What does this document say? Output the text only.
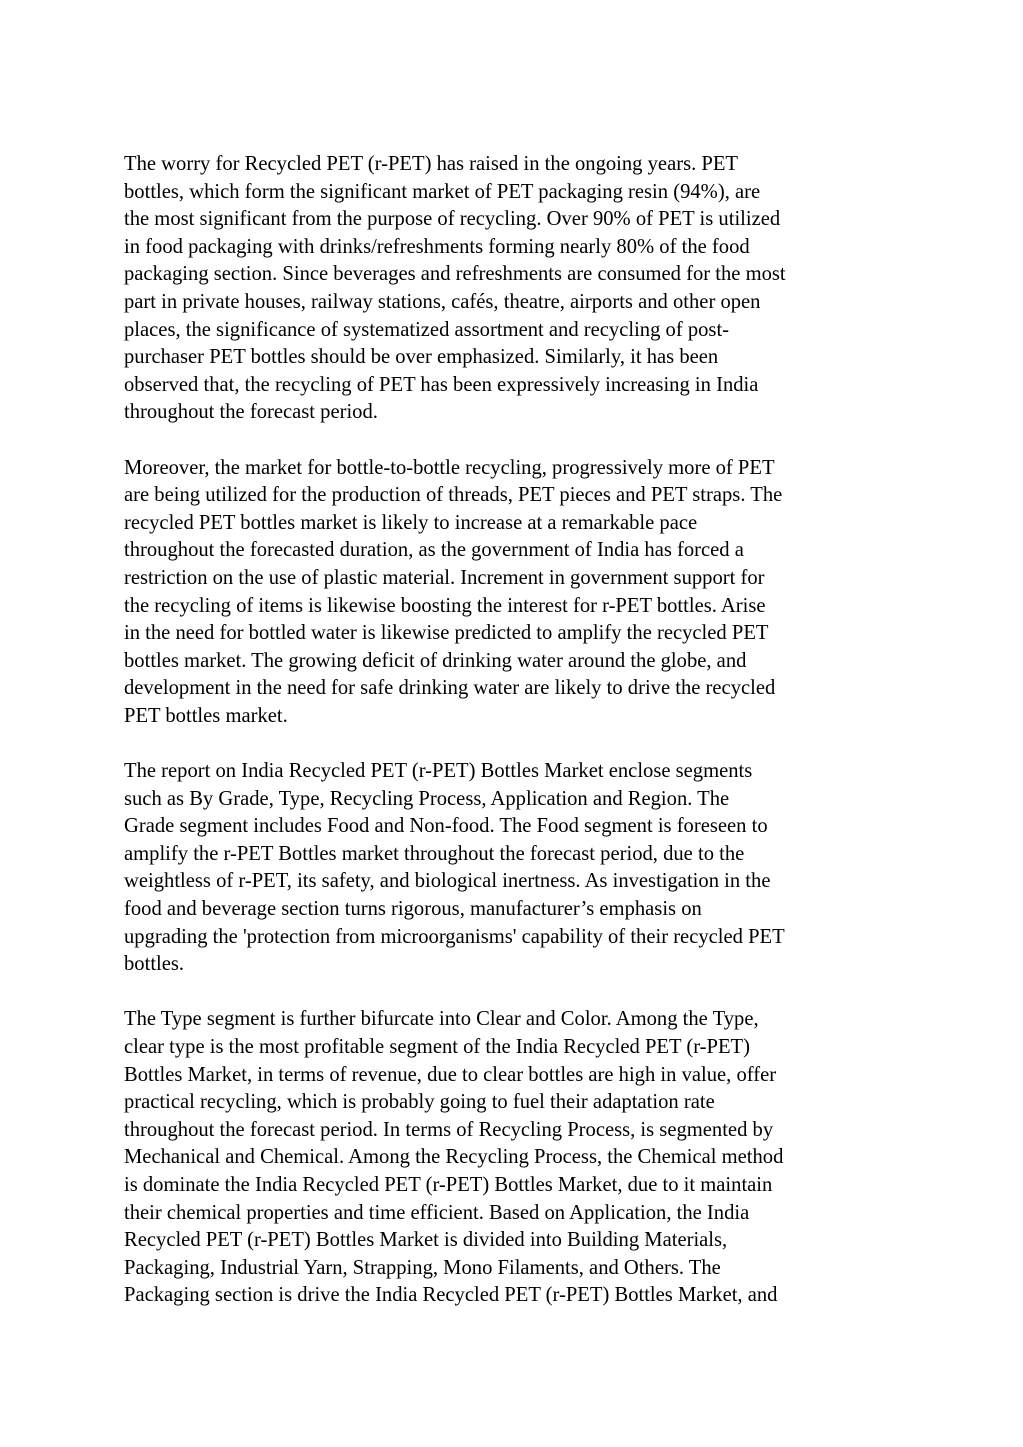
The worry for Recycled PET (r-PET) has raised in the ongoing years. PET
bottles, which form the significant market of PET packaging resin (94%), are
the most significant from the purpose of recycling. Over 90% of PET is utilized
in food packaging with drinks/refreshments forming nearly 80% of the food
packaging section. Since beverages and refreshments are consumed for the most
part in private houses, railway stations, cafés, theatre, airports and other open
places, the significance of systematized assortment and recycling of post-
purchaser PET bottles should be over emphasized. Similarly, it has been
observed that, the recycling of PET has been expressively increasing in India
throughout the forecast period.
Moreover, the market for bottle-to-bottle recycling, progressively more of PET
are being utilized for the production of threads, PET pieces and PET straps. The
recycled PET bottles market is likely to increase at a remarkable pace
throughout the forecasted duration, as the government of India has forced a
restriction on the use of plastic material. Increment in government support for
the recycling of items is likewise boosting the interest for r-PET bottles. Arise
in the need for bottled water is likewise predicted to amplify the recycled PET
bottles market. The growing deficit of drinking water around the globe, and
development in the need for safe drinking water are likely to drive the recycled
PET bottles market.
The report on India Recycled PET (r-PET) Bottles Market enclose segments
such as By Grade, Type, Recycling Process, Application and Region. The
Grade segment includes Food and Non-food. The Food segment is foreseen to
amplify the r-PET Bottles market throughout the forecast period, due to the
weightless of r-PET, its safety, and biological inertness. As investigation in the
food and beverage section turns rigorous, manufacturer’s emphasis on
upgrading the 'protection from microorganisms' capability of their recycled PET
bottles.
The Type segment is further bifurcate into Clear and Color. Among the Type,
clear type is the most profitable segment of the India Recycled PET (r-PET)
Bottles Market, in terms of revenue, due to clear bottles are high in value, offer
practical recycling, which is probably going to fuel their adaptation rate
throughout the forecast period. In terms of Recycling Process, is segmented by
Mechanical and Chemical. Among the Recycling Process, the Chemical method
is dominate the India Recycled PET (r-PET) Bottles Market, due to it maintain
their chemical properties and time efficient. Based on Application, the India
Recycled PET (r-PET) Bottles Market is divided into Building Materials,
Packaging, Industrial Yarn, Strapping, Mono Filaments, and Others. The
Packaging section is drive the India Recycled PET (r-PET) Bottles Market, and
